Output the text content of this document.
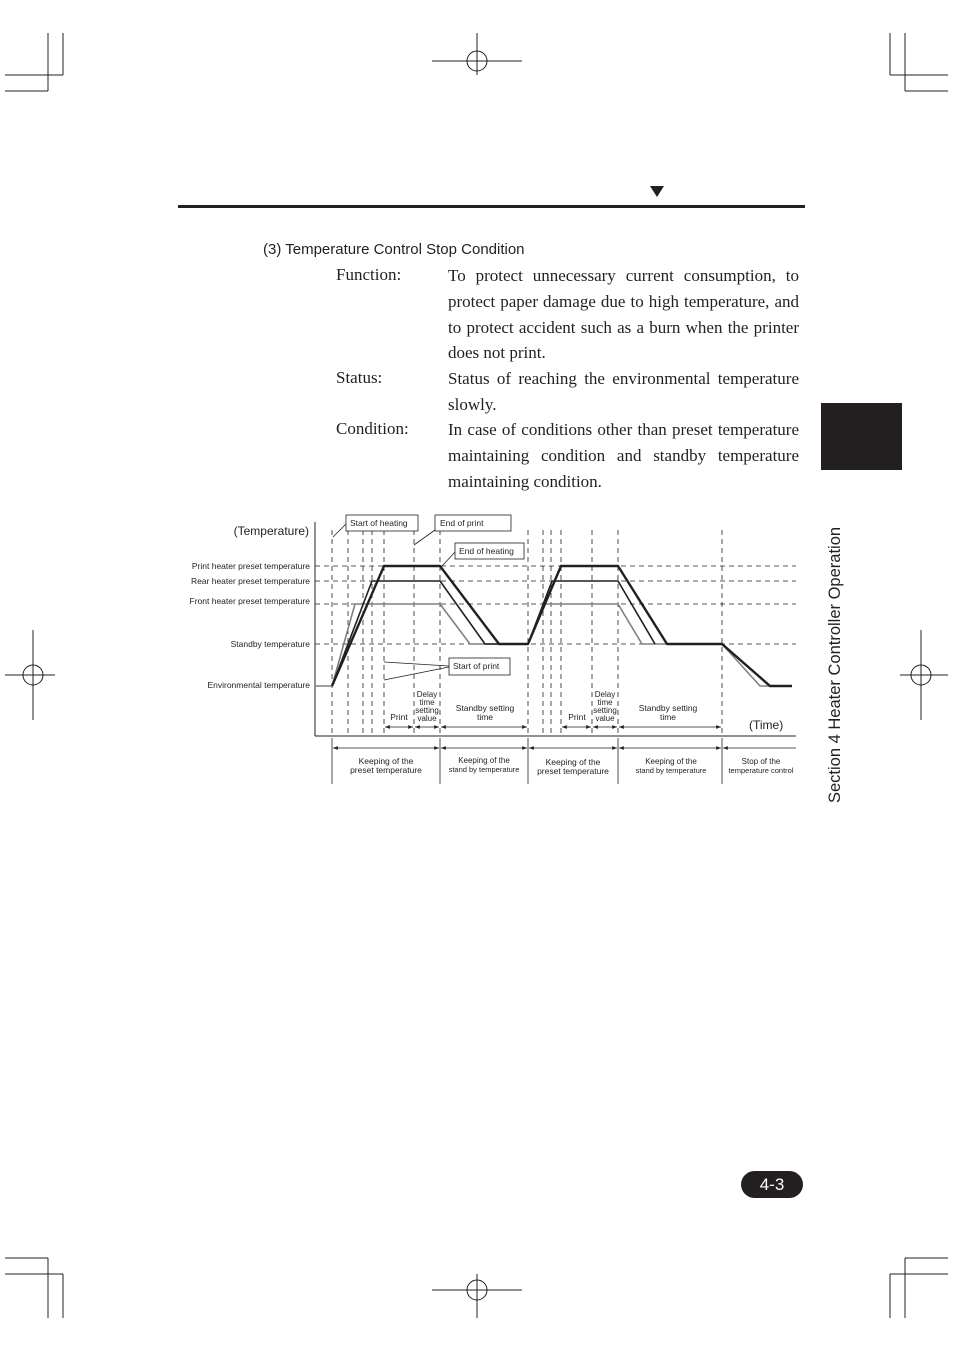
(3) Temperature Control Stop Condition
Function:	To protect unnecessary current consumption, to protect paper damage due to high temperature, and to protect accident such as a burn when the printer does not print.
Status:	Status of reaching the environmental temperature slowly.
Condition: In case of conditions other than preset temperature maintaining condition and standby temperature maintaining condition.
Section 4 Heater Controller Operation
Start of heating	End of print
End of heating
Start of print
(Temperature)
(Time)
Print heater preset temperature
Rear heater preset temperature
Front heater preset temperature
Standby temperature
Environmental temperature
Print	Print
Delay
time
setting
value
Delay
time
setting
value
Standby setting
time
Standby setting
time
Keeping of the
preset temperature
Keeping of the
stand by temperature
Keeping of the
preset temperature
Keeping of the
stand by temperature
Stop of the
temperature control
4-3
